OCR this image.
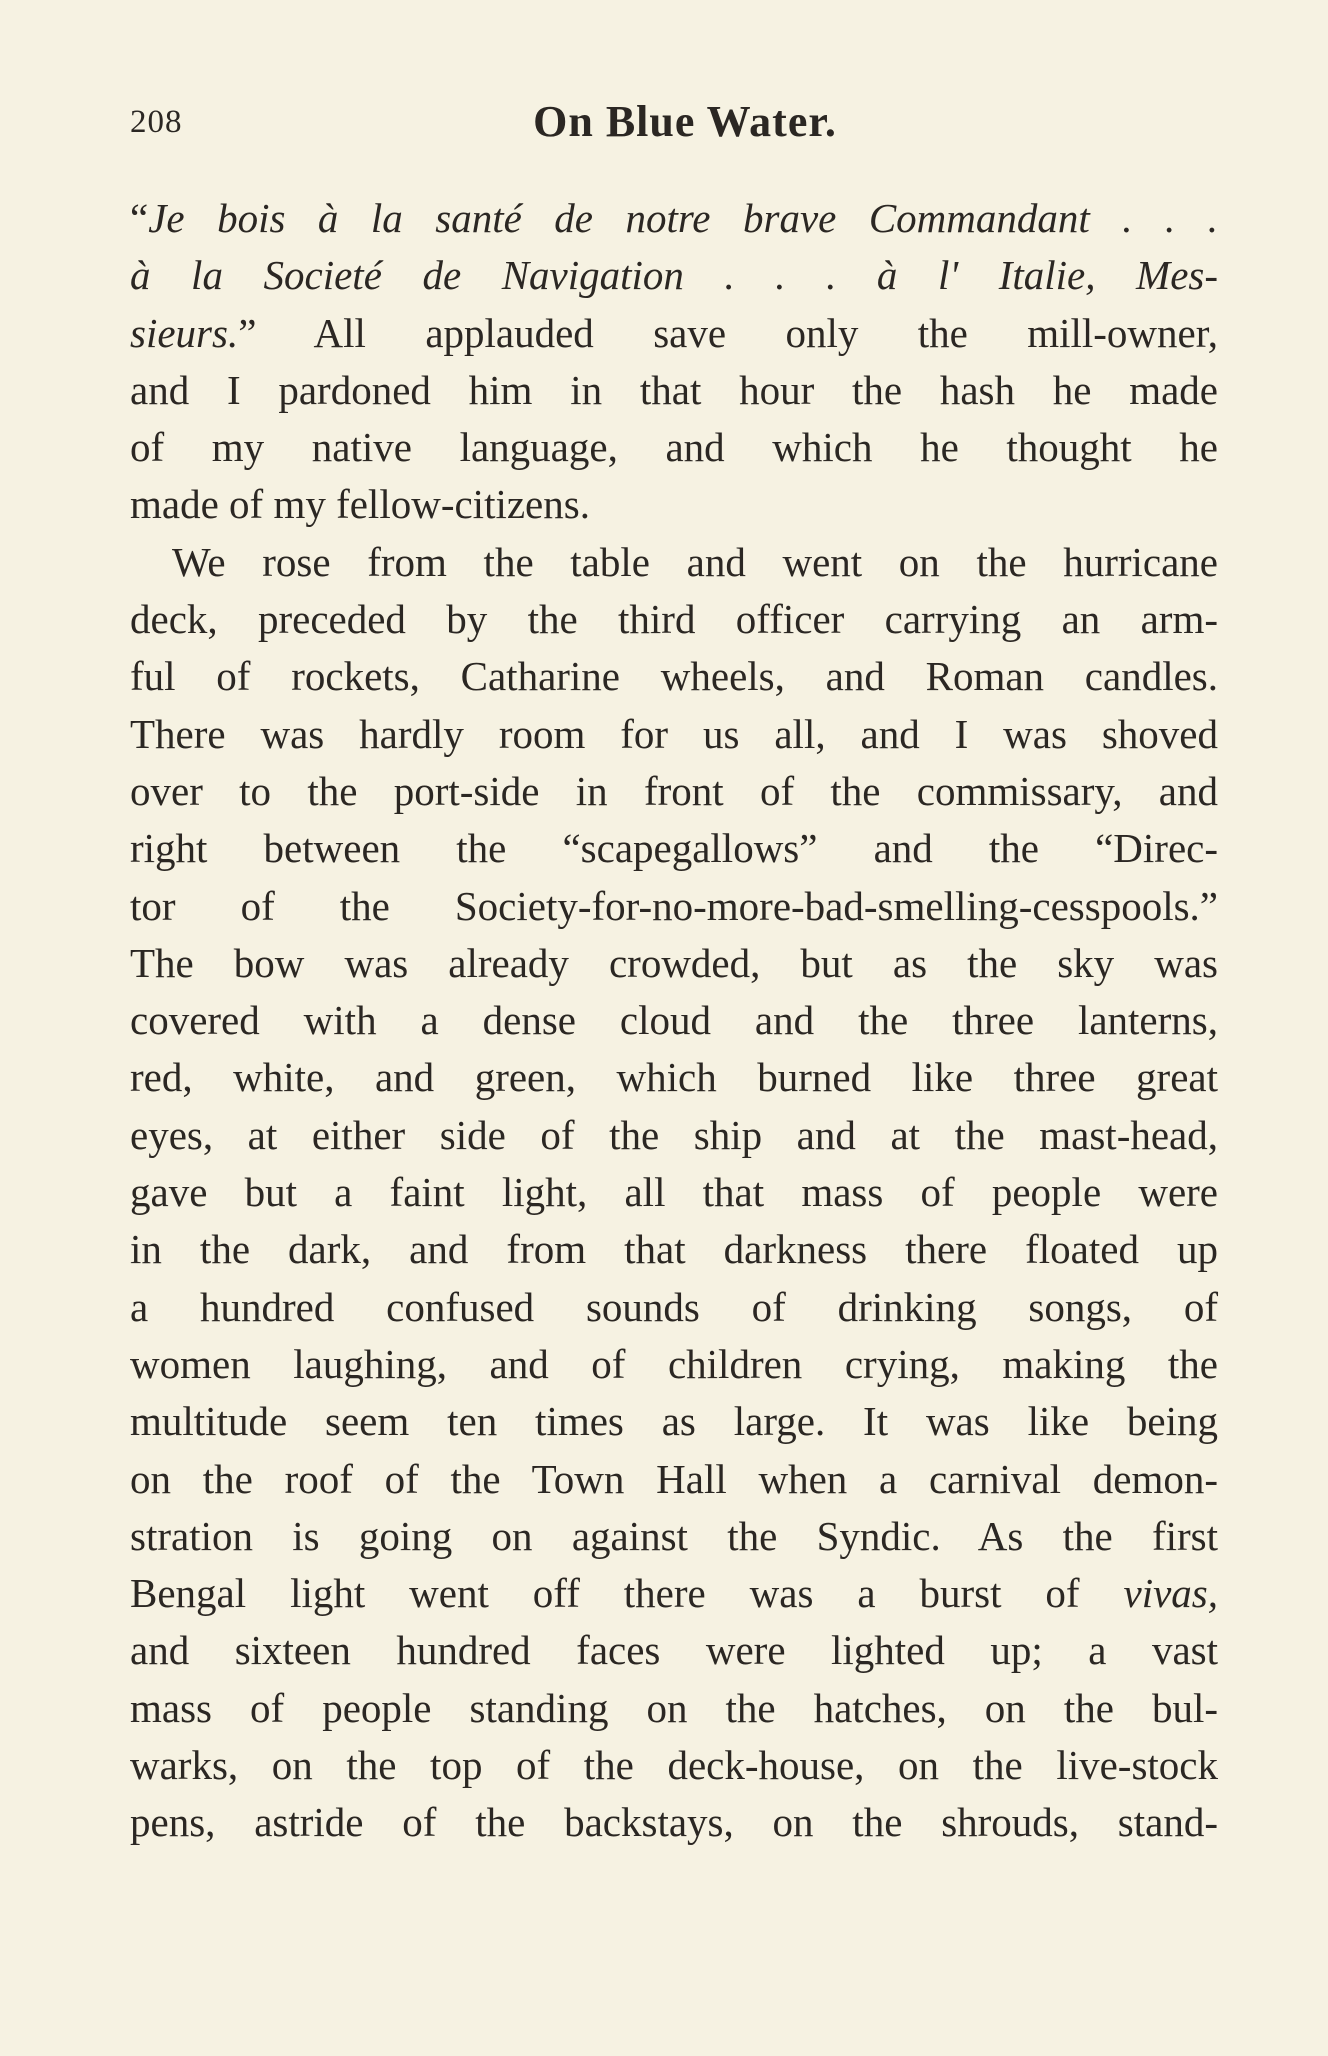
208	On Blue Water.
“Je bois à la santé de notre brave Commandant . . .
à la Societé de Navigation . . . à l' Italie, Mes-
sieurs.” All applauded save only the mill-owner,
and I pardoned him in that hour the hash he made
of my native language, and which he thought he
made of my fellow-citizens.
We rose from the table and went on the hurricane
deck, preceded by the third officer carrying an arm-
ful of rockets, Catharine wheels, and Roman candles.
There was hardly room for us all, and I was shoved
over to the port-side in front of the commissary, and
right between the “scapegallows” and the “Direc-
tor of the Society-for-no-more-bad-smelling-cesspools.”
The bow was already crowded, but as the sky was
covered with a dense cloud and the three lanterns,
red, white, and green, which burned like three great
eyes, at either side of the ship and at the mast-head,
gave but a faint light, all that mass of people were
in the dark, and from that darkness there floated up
a hundred confused sounds of drinking songs, of
women laughing, and of children crying, making the
multitude seem ten times as large. It was like being
on the roof of the Town Hall when a carnival demon-
stration is going on against the Syndic. As the first
Bengal light went off there was a burst of vivas,
and sixteen hundred faces were lighted up; a vast
mass of people standing on the hatches, on the bul-
warks, on the top of the deck-house, on the live-stock
pens, astride of the backstays, on the shrouds, stand-
